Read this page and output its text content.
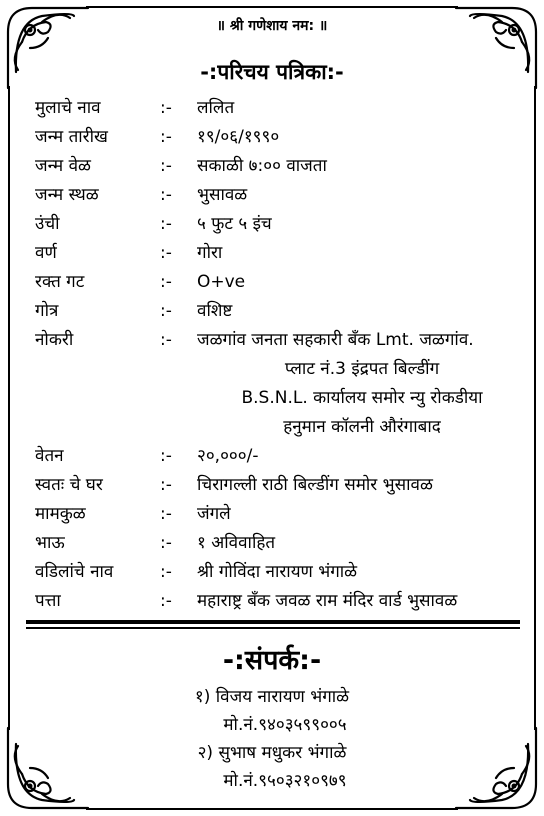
॥ श्री गणेशाय नम: ॥
-:परिचय पत्रिका:-
मुलाचे नाव	:- ललित
जन्म तारीख	:- १९/०६/१९९०
जन्म वेळ	:- सकाळी ७:०० वाजता
जन्म स्थळ	:- भुसावळ
उंची	:- ५ फुट ५ इंच
वर्ण	:- गोरा
रक्त गट	:- O+ve
गोत्र	:- वशिष्ट
नोकरी	:- जळगांव जनता सहकारी बँक Lmt. जळगांव.
प्लाट नं.3 इंद्रपत बिल्डींग
B.S.N.L. कार्यालय समोर न्यु रोकडीया
हनुमान कॉलनी औरंगाबाद
वेतन	:- २०,०००/-
स्वतः चे घर	:- चिरागल्ली राठी बिल्डींग समोर भुसावळ
मामकुळ	:- जंगले
भाऊ	:- १ अविवाहित
वडिलांचे नाव	:- श्री गोविंदा नारायण भंगाळे
पत्ता	:- महाराष्ट्र बँक जवळ राम मंदिर वार्ड भुसावळ
-:संपर्क:-
१) विजय नारायण भंगाळे
मो.नं.९४०३५९९००५
२) सुभाष मधुकर भंगाळे
मो.नं.९५०३२१०९७९
